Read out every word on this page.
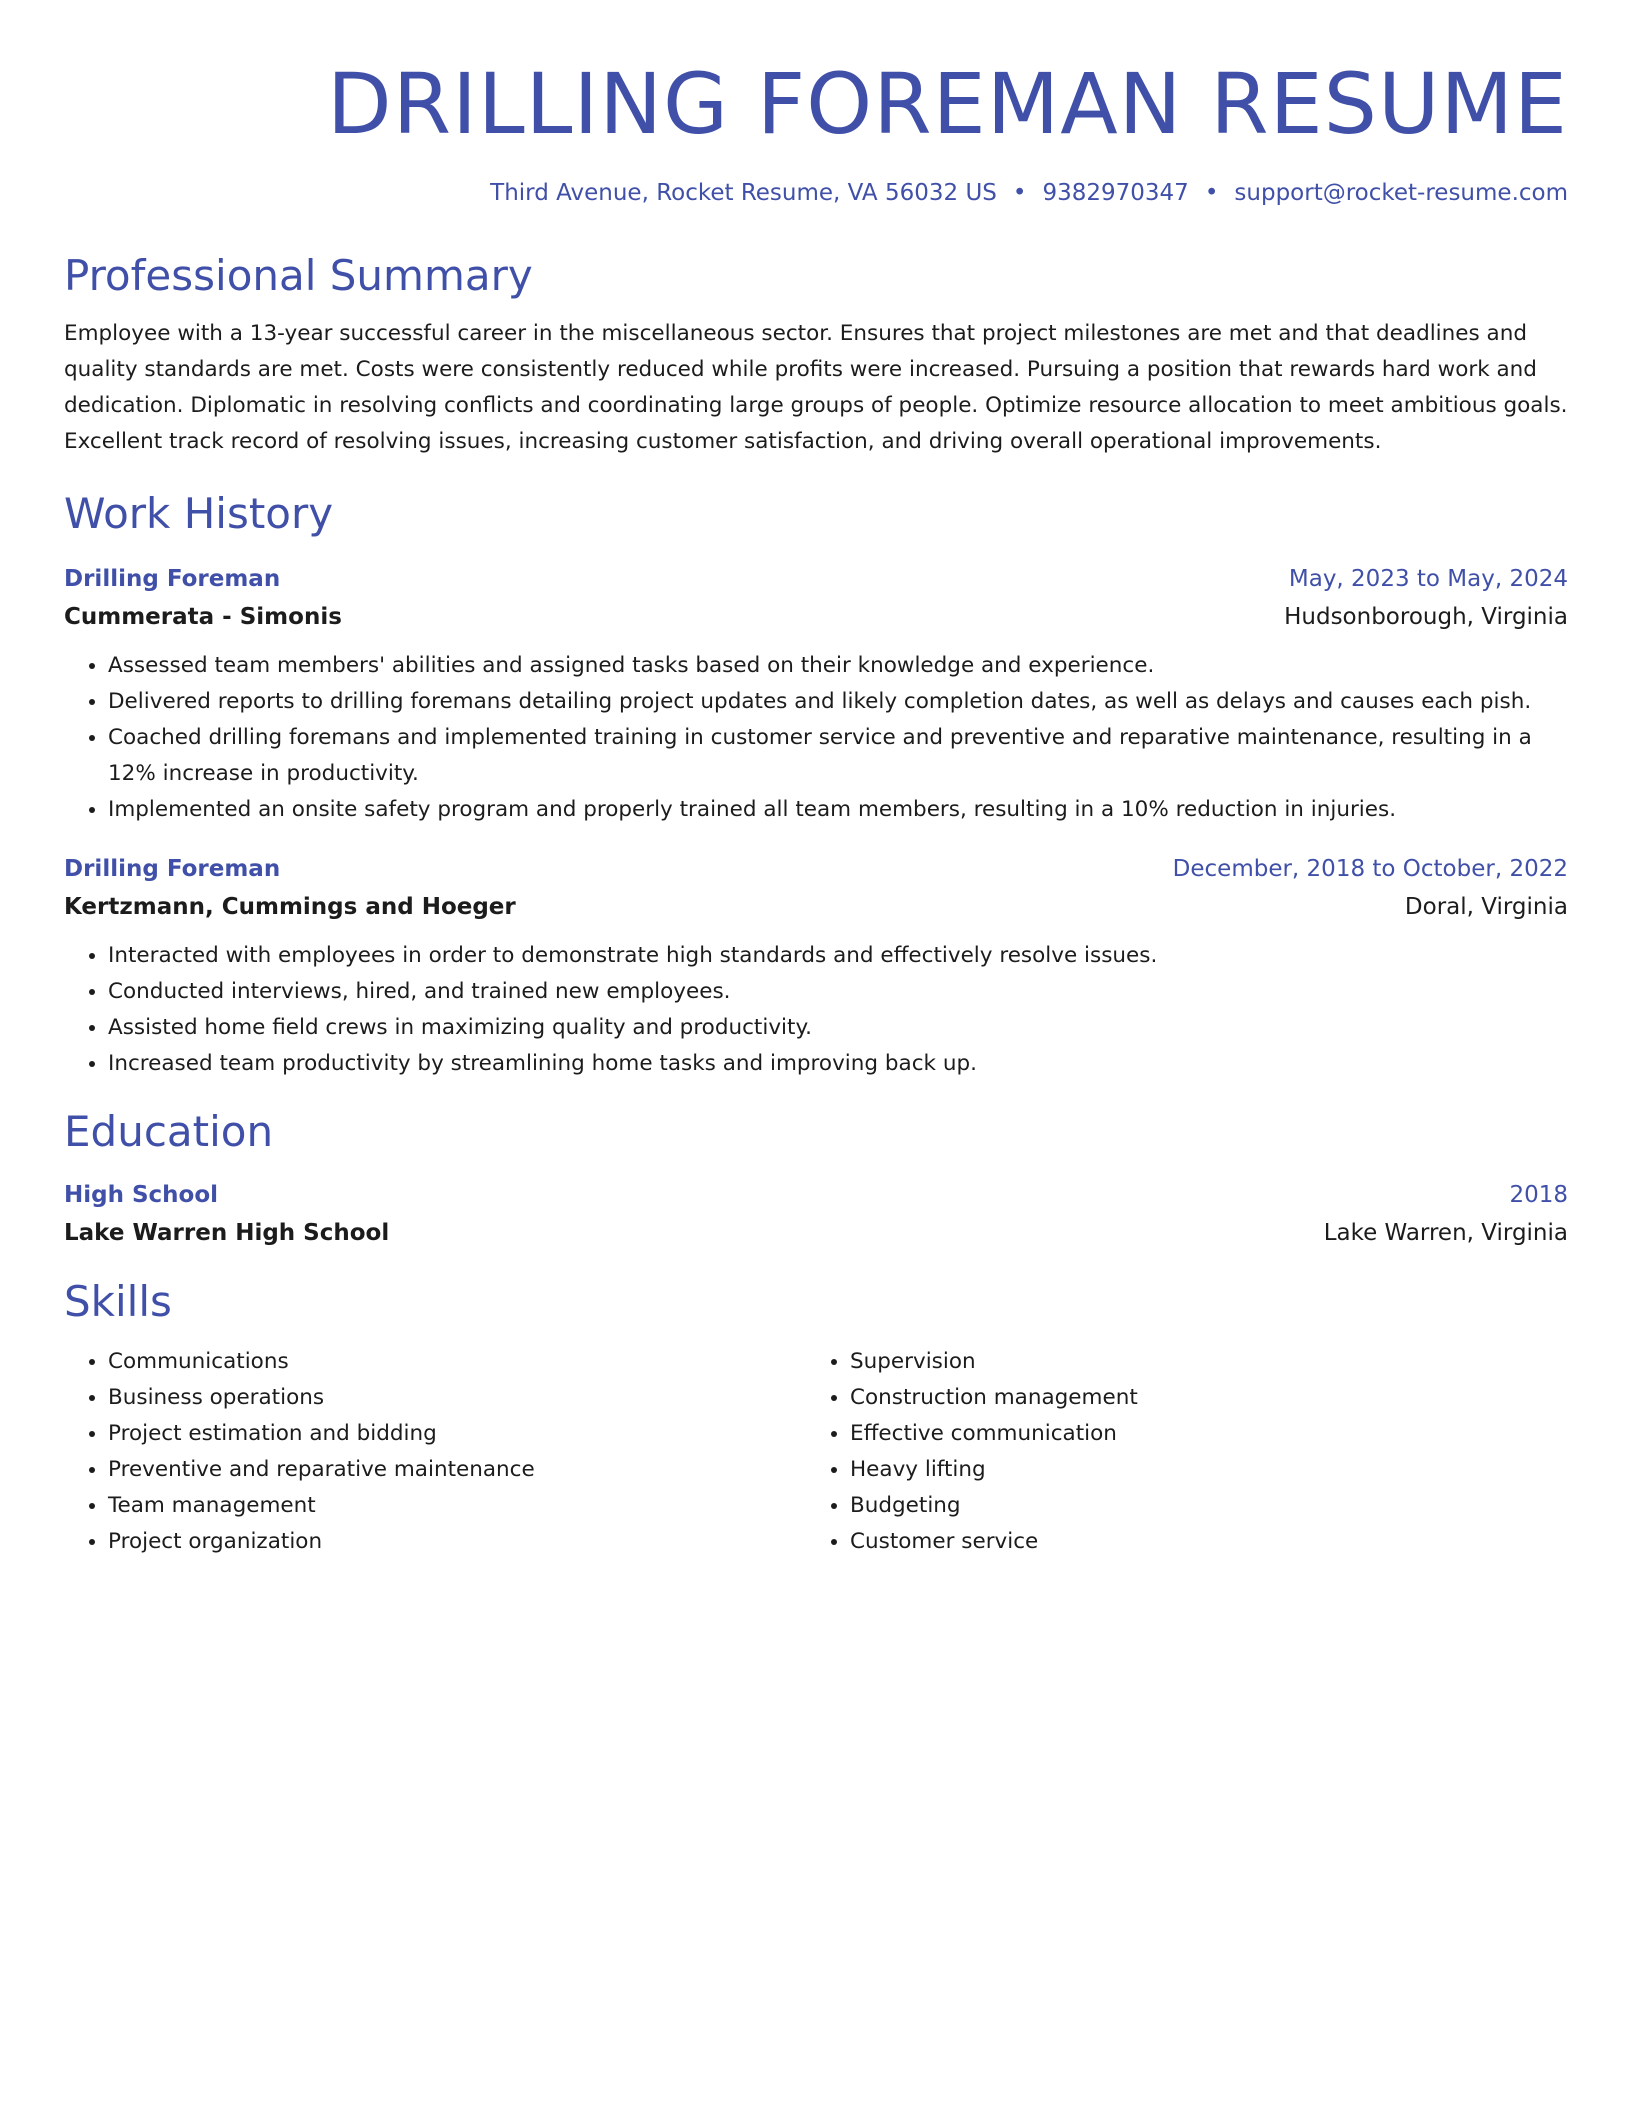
DRILLING FOREMAN RESUME
Third Avenue, Rocket Resume, VA 56032 US • 9382970347 • support@rocket-resume.com
Professional Summary
Employee with a 13-year successful career in the miscellaneous sector. Ensures that project milestones are met and that deadlines and quality standards are met. Costs were consistently reduced while profits were increased. Pursuing a position that rewards hard work and dedication. Diplomatic in resolving conflicts and coordinating large groups of people. Optimize resource allocation to meet ambitious goals. Excellent track record of resolving issues, increasing customer satisfaction, and driving overall operational improvements.
Work History
Drilling Foreman	May, 2023 to May, 2024
Cummerata - Simonis	Hudsonborough, Virginia
• Assessed team members' abilities and assigned tasks based on their knowledge and experience.
• Delivered reports to drilling foremans detailing project updates and likely completion dates, as well as delays and causes each pish.
• Coached drilling foremans and implemented training in customer service and preventive and reparative maintenance, resulting in a 12% increase in productivity.
• Implemented an onsite safety program and properly trained all team members, resulting in a 10% reduction in injuries.
Drilling Foreman	December, 2018 to October, 2022
Kertzmann, Cummings and Hoeger	Doral, Virginia
• Interacted with employees in order to demonstrate high standards and effectively resolve issues.
• Conducted interviews, hired, and trained new employees.
• Assisted home field crews in maximizing quality and productivity.
• Increased team productivity by streamlining home tasks and improving back up.
Education
High School	2018
Lake Warren High School	Lake Warren, Virginia
Skills
• Communications
• Business operations
• Project estimation and bidding
• Preventive and reparative maintenance
• Team management
• Project organization
• Supervision
• Construction management
• Effective communication
• Heavy lifting
• Budgeting
• Customer service
